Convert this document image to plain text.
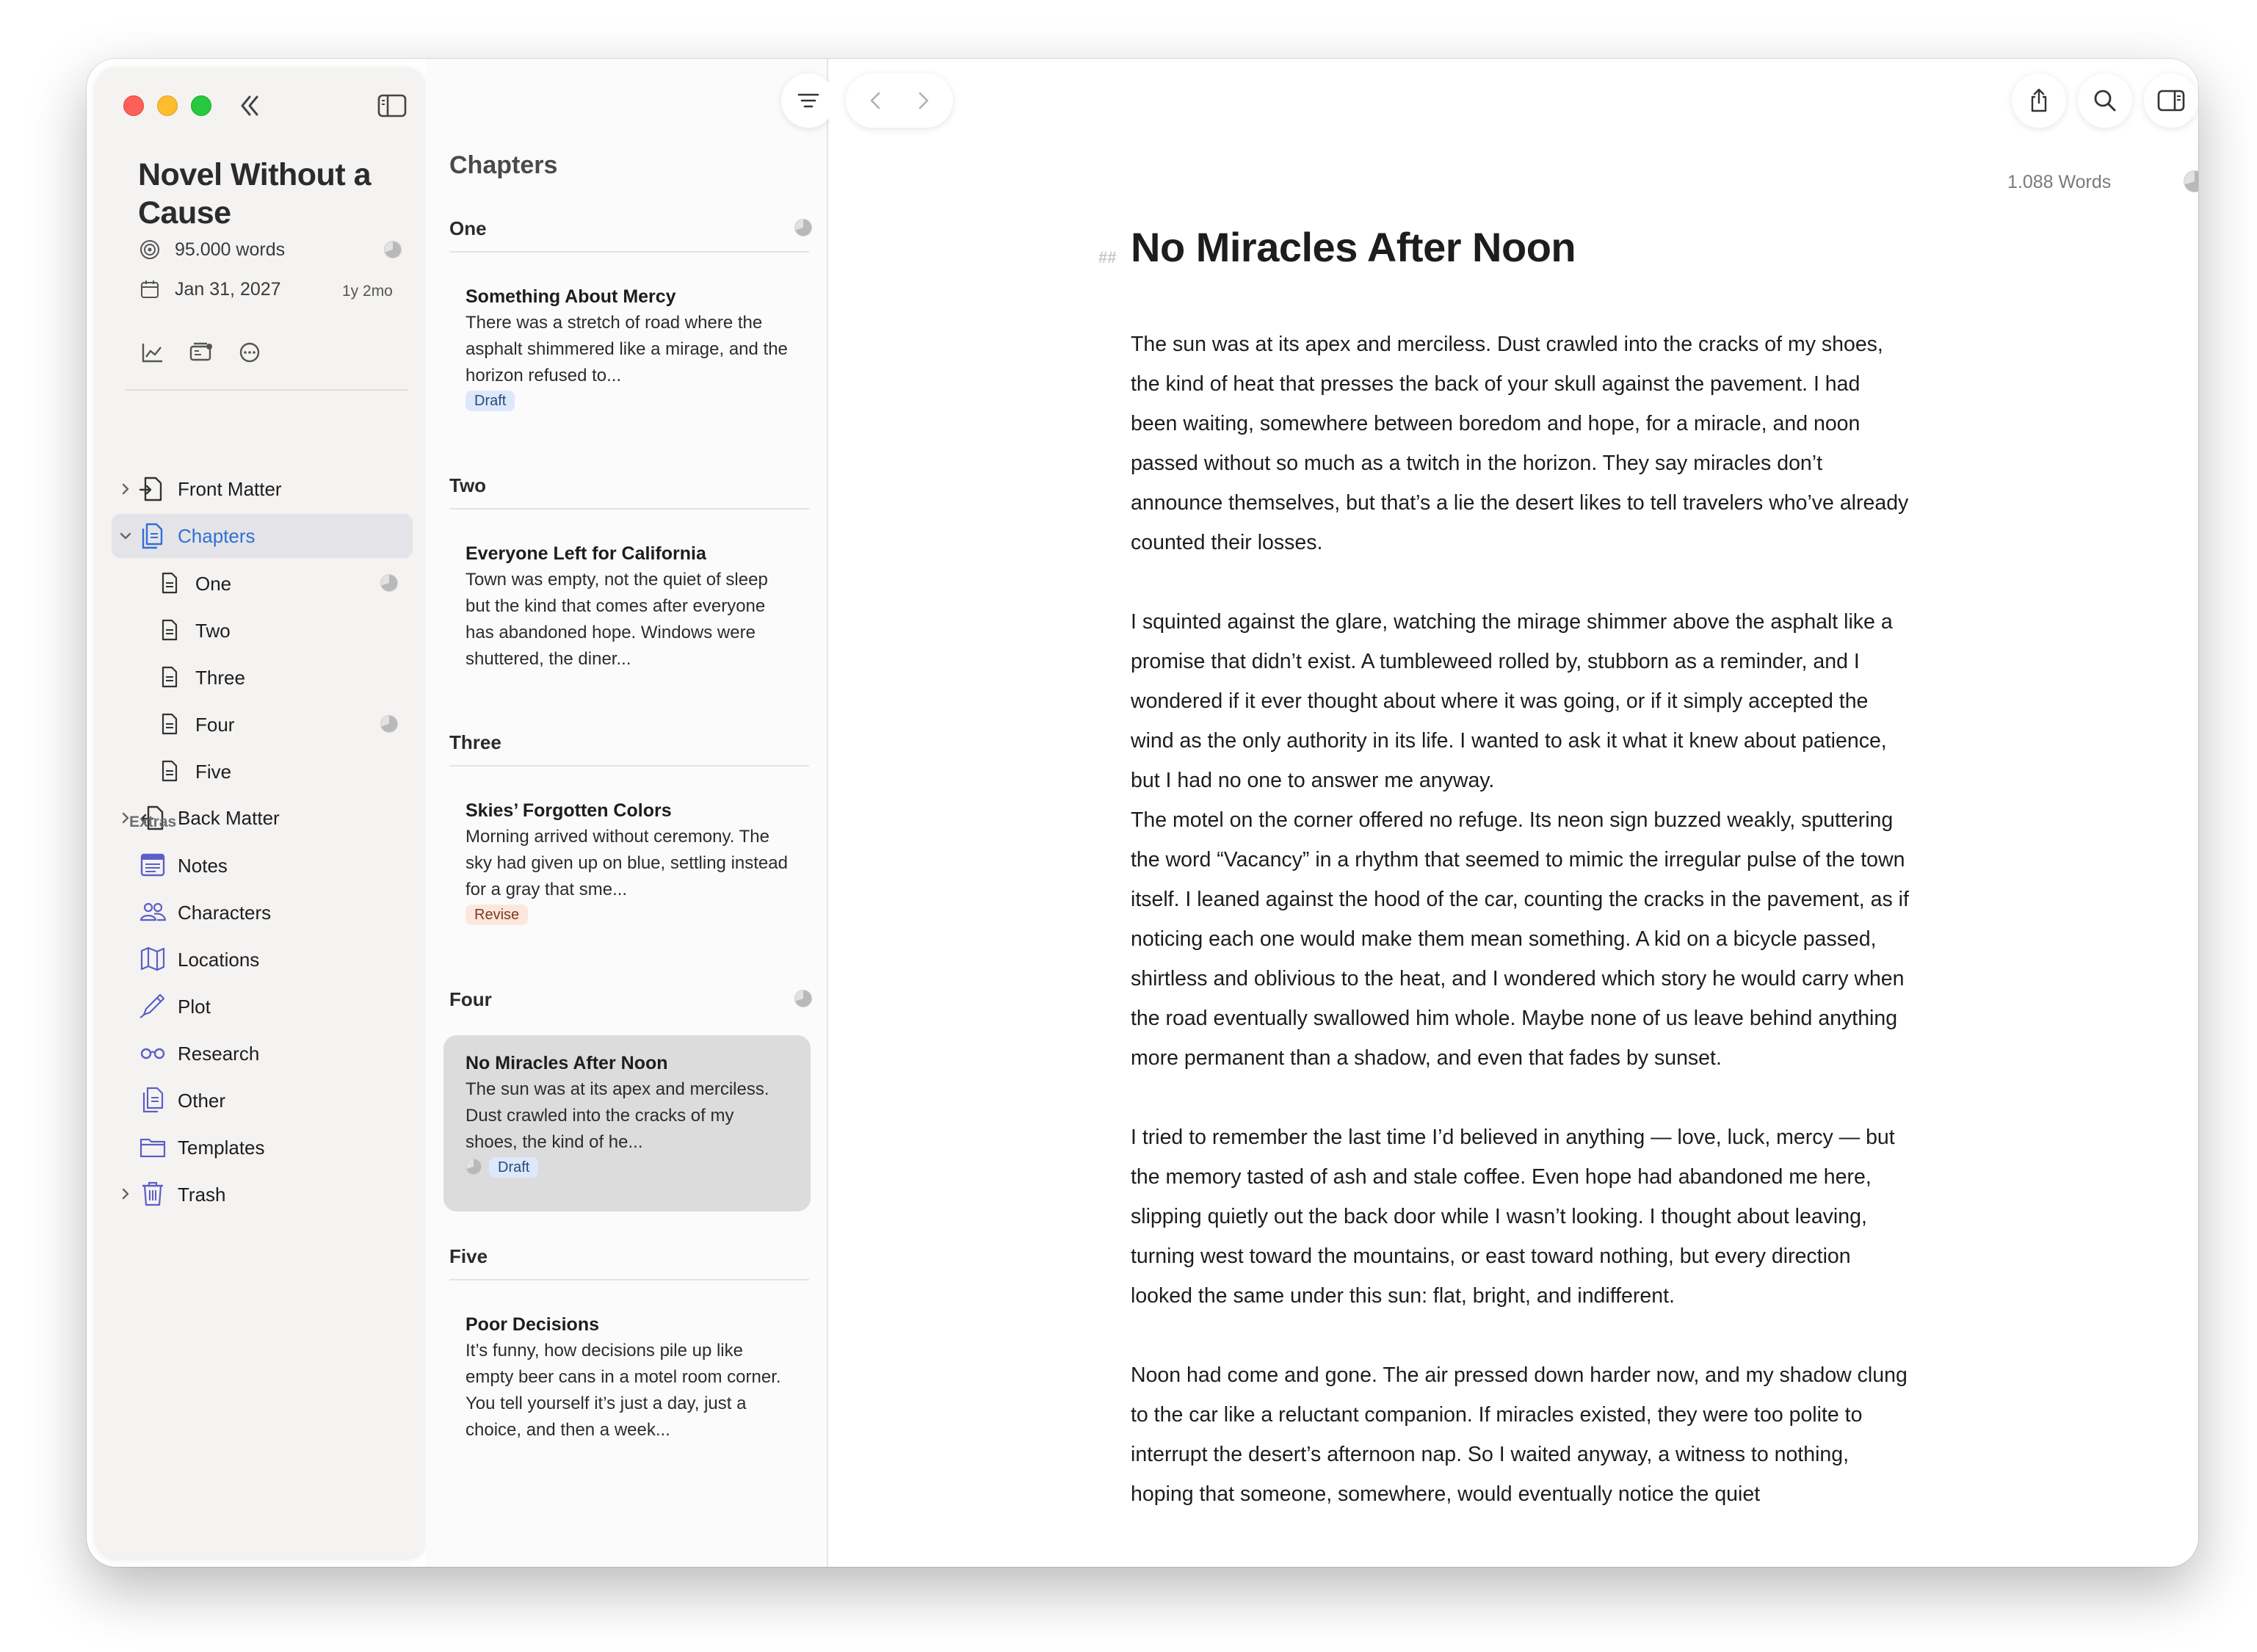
Novel Without a Cause
95.000 words
Jan 31, 2027	1y 2mo
Front Matter
Chapters
One
Two
Three
Four
Five
Back Matter
Extras
Notes
Characters
Locations
Plot
Research
Other
Templates
Trash
Chapters
One
Something About Mercy
There was a stretch of road where the asphalt shimmered like a mirage, and the horizon refused to...
Draft
Two
Everyone Left for California
Town was empty, not the quiet of sleep but the kind that comes after everyone has abandoned hope. Windows were shuttered, the diner...
Three
Skies’ Forgotten Colors
Morning arrived without ceremony. The sky had given up on blue, settling instead for a gray that sme...
Revise
Four
No Miracles After Noon
The sun was at its apex and merciless. Dust crawled into the cracks of my shoes, the kind of he...
Draft
Five
Poor Decisions
It’s funny, how decisions pile up like empty beer cans in a motel room corner. You tell yourself it’s just a day, just a choice, and then a week...
1.088 Words
## No Miracles After Noon

The sun was at its apex and merciless. Dust crawled into the cracks of my shoes, the kind of heat that presses the back of your skull against the pavement. I had been waiting, somewhere between boredom and hope, for a miracle, and noon passed without so much as a twitch in the horizon. They say miracles don’t announce themselves, but that’s a lie the desert likes to tell travelers who’ve already counted their losses.

I squinted against the glare, watching the mirage shimmer above the asphalt like a promise that didn’t exist. A tumbleweed rolled by, stubborn as a reminder, and I wondered if it ever thought about where it was going, or if it simply accepted the wind as the only authority in its life. I wanted to ask it what it knew about patience, but I had no one to answer me anyway.

The motel on the corner offered no refuge. Its neon sign buzzed weakly, sputtering the word “Vacancy” in a rhythm that seemed to mimic the irregular pulse of the town itself. I leaned against the hood of the car, counting the cracks in the pavement, as if noticing each one would make them mean something. A kid on a bicycle passed, shirtless and oblivious to the heat, and I wondered which story he would carry when the road eventually swallowed him whole. Maybe none of us leave behind anything more permanent than a shadow, and even that fades by sunset.

I tried to remember the last time I’d believed in anything — love, luck, mercy — but the memory tasted of ash and stale coffee. Even hope had abandoned me here, slipping quietly out the back door while I wasn’t looking. I thought about leaving, turning west toward the mountains, or east toward nothing, but every direction looked the same under this sun: flat, bright, and indifferent.

Noon had come and gone. The air pressed down harder now, and my shadow clung to the car like a reluctant companion. If miracles existed, they were too polite to interrupt the desert’s afternoon nap. So I waited anyway, a witness to nothing, hoping that someone, somewhere, would eventually notice the quiet
